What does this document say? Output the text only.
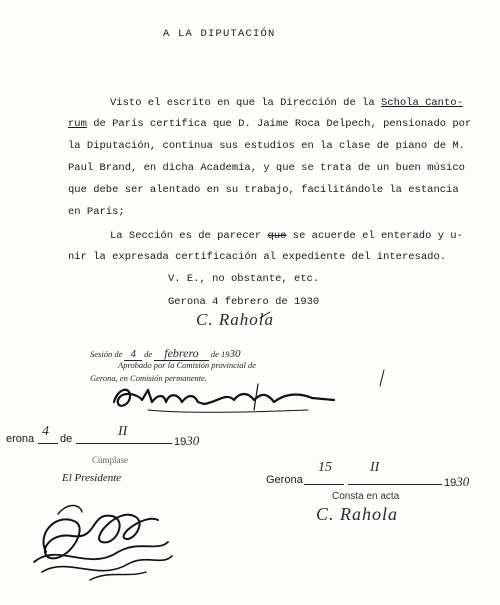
A LA DIPUTACIÓN
Visto el escrito en que la Dirección de la Schola Canto-
rum de París certifica que D. Jaime Roca Delpech, pensionado por
la Diputación, continua sus estudios en la clase de piano de M.
Paul Brand, en dicha Academia, y que se trata de un buen músico
que debe ser alentado en su trabajo, facilitándole la estancia
en París;
La Sección es de parecer que se acuerde el enterado y u-
nir la expresada certificación al expediente del interesado.
V. E., no obstante, etc.
Gerona 4 febrero de 1930
C. Rahola
Sesión de 4 de febrero de 1930
Aprobado por la Comisión provincial de
Gerona, en Comisión permanente.
erona 4 de	II
1930
Cúmplase
El Presidente	Gerona
15	II
1930
Consta en acta
C. Rahola
